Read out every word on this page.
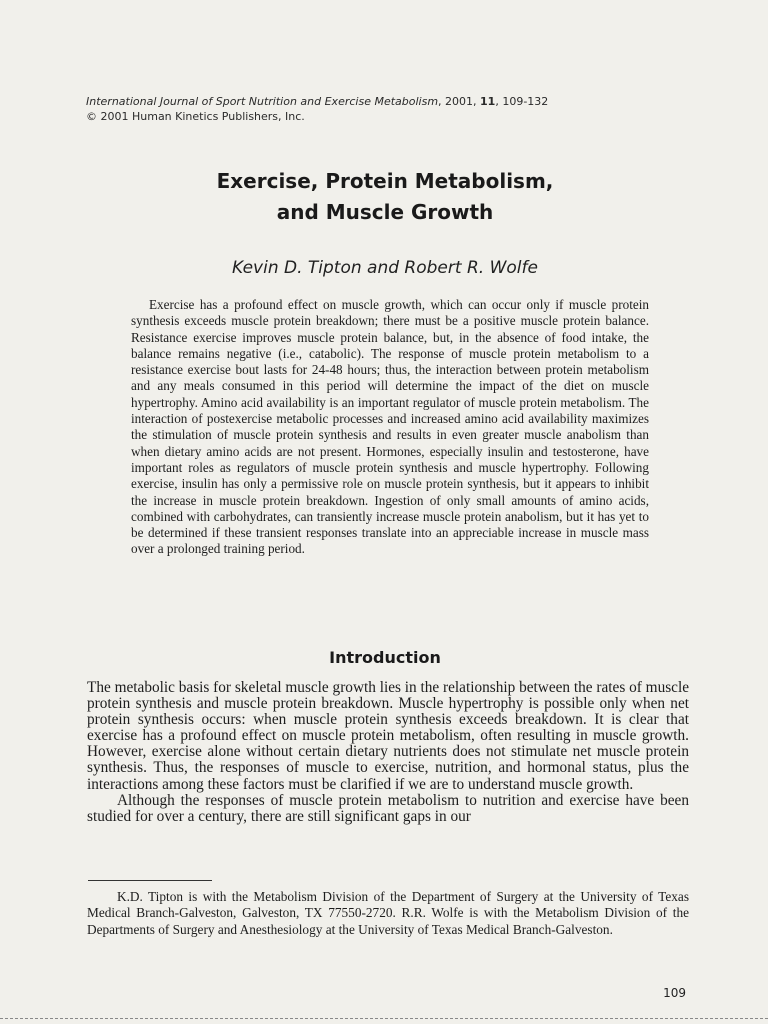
International Journal of Sport Nutrition and Exercise Metabolism, 2001, 11, 109-132
© 2001 Human Kinetics Publishers, Inc.
Exercise, Protein Metabolism,
and Muscle Growth
Kevin D. Tipton and Robert R. Wolfe

Exercise has a profound effect on muscle growth, which can occur only if muscle protein synthesis exceeds muscle protein breakdown; there must be a positive muscle protein balance. Resistance exercise improves muscle protein balance, but, in the absence of food intake, the balance remains negative (i.e., catabolic). The response of muscle protein metabolism to a resistance exercise bout lasts for 24-48 hours; thus, the interaction between protein metabolism and any meals consumed in this period will determine the impact of the diet on muscle hypertrophy. Amino acid availability is an important regulator of muscle protein metabolism. The interaction of postexercise metabolic processes and increased amino acid availability maximizes the stimulation of muscle protein synthesis and results in even greater muscle anabolism than when dietary amino acids are not present. Hormones, especially insulin and testosterone, have important roles as regulators of muscle protein synthesis and muscle hypertrophy. Following exercise, insulin has only a permissive role on muscle protein synthesis, but it appears to inhibit the increase in muscle protein breakdown. Ingestion of only small amounts of amino acids, combined with carbohydrates, can transiently increase muscle protein anabolism, but it has yet to be determined if these transient responses translate into an appreciable increase in muscle mass over a prolonged training period.

Introduction

The metabolic basis for skeletal muscle growth lies in the relationship between the rates of muscle protein synthesis and muscle protein breakdown. Muscle hypertrophy is possible only when net protein synthesis occurs: when muscle protein synthesis exceeds breakdown. It is clear that exercise has a profound effect on muscle protein metabolism, often resulting in muscle growth. However, exercise alone without certain dietary nutrients does not stimulate net muscle protein synthesis. Thus, the responses of muscle to exercise, nutrition, and hormonal status, plus the interactions among these factors must be clarified if we are to understand muscle growth.

Although the responses of muscle protein metabolism to nutrition and exercise have been studied for over a century, there are still significant gaps in our

K.D. Tipton is with the Metabolism Division of the Department of Surgery at the University of Texas Medical Branch-Galveston, Galveston, TX 77550-2720. R.R. Wolfe is with the Metabolism Division of the Departments of Surgery and Anesthesiology at the University of Texas Medical Branch-Galveston.

109
